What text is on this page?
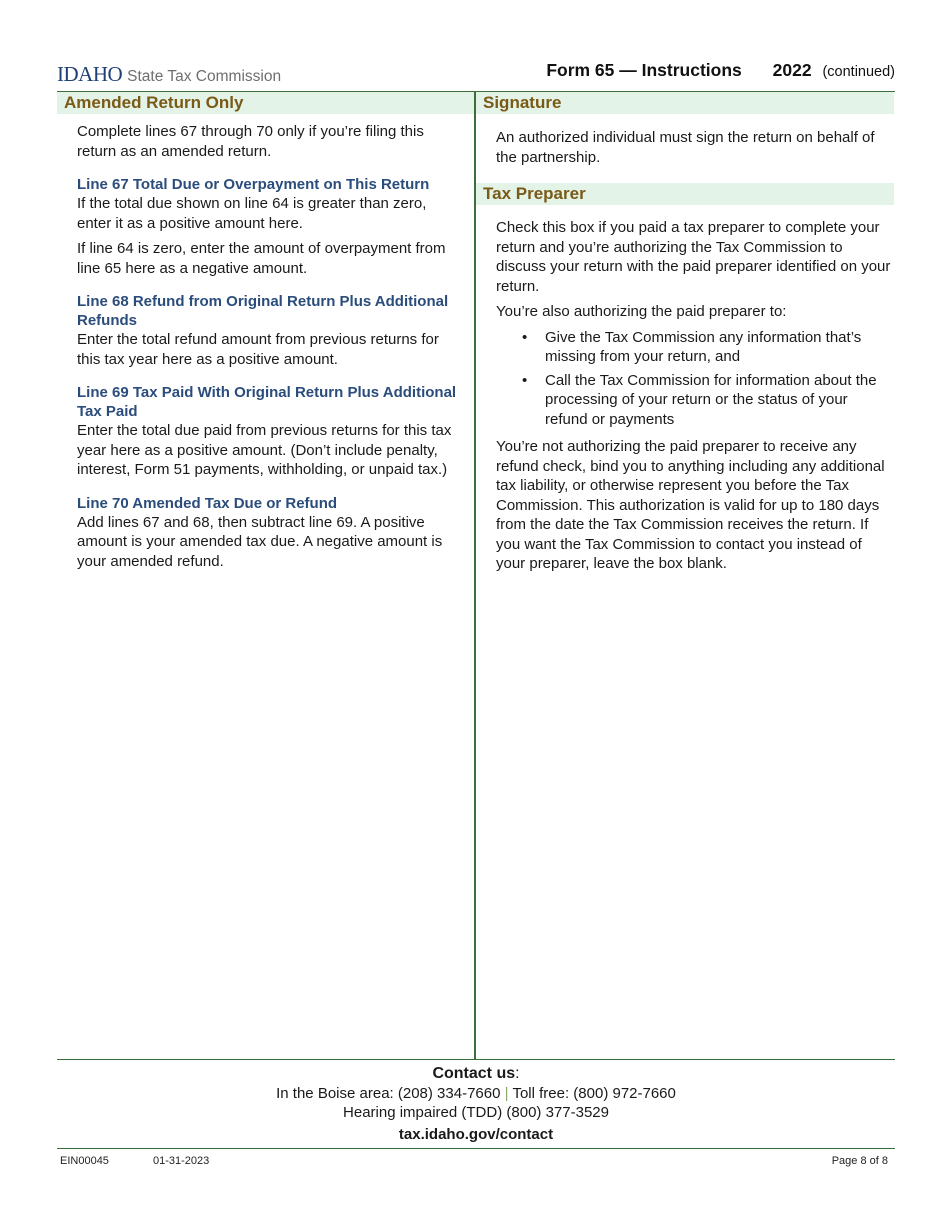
IDAHO State Tax Commission	Form 65 — Instructions 2022 (continued)
Amended Return Only

Complete lines 67 through 70 only if you’re filing this return as an amended return.

Line 67 Total Due or Overpayment on This Return

If the total due shown on line 64 is greater than zero, enter it as a positive amount here.

If line 64 is zero, enter the amount of overpayment from line 65 here as a negative amount.

Line 68 Refund from Original Return Plus Additional Refunds

Enter the total refund amount from previous returns for this tax year here as a positive amount.

Line 69 Tax Paid With Original Return Plus Additional Tax Paid

Enter the total due paid from previous returns for this tax year here as a positive amount. (Don’t include penalty, interest, Form 51 payments, withholding, or unpaid tax.)

Line 70 Amended Tax Due or Refund

Add lines 67 and 68, then subtract line 69. A positive amount is your amended tax due. A negative amount is your amended refund.

Signature

An authorized individual must sign the return on behalf of the partnership.

Tax Preparer

Check this box if you paid a tax preparer to complete your return and you’re authorizing the Tax Commission to discuss your return with the paid preparer identified on your return.

You’re also authorizing the paid preparer to:

• Give the Tax Commission any information that’s missing from your return, and
• Call the Tax Commission for information about the processing of your return or the status of your refund or payments

You’re not authorizing the paid preparer to receive any refund check, bind you to anything including any additional tax liability, or otherwise represent you before the Tax Commission. This authorization is valid for up to 180 days from the date the Tax Commission receives the return. If you want the Tax Commission to contact you instead of your preparer, leave the box blank.

Contact us:
In the Boise area: (208) 334-7660 | Toll free: (800) 972-7660
Hearing impaired (TDD) (800) 377-3529
tax.idaho.gov/contact
EIN00045	01-31-2023	Page 8 of 8
